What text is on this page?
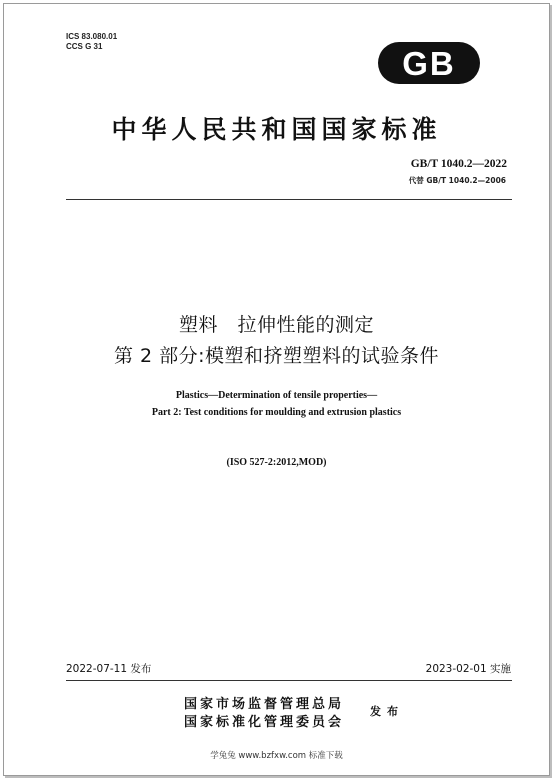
ICS 83.080.01
CCS G 31	GB
中华人民共和国国家标准
GB/T 1040.2—2022
代替 GB/T 1040.2—2006
塑料　拉伸性能的测定
第 2 部分:模塑和挤塑塑料的试验条件
Plastics—Determination of tensile properties—
Part 2: Test conditions for moulding and extrusion plastics
(ISO 527-2:2012,MOD)
2022-07-11 发布	2023-02-01 实施
国家市场监督管理总局
国家标准化管理委员会
发布
学兔兔 www.bzfxw.com 标准下载
